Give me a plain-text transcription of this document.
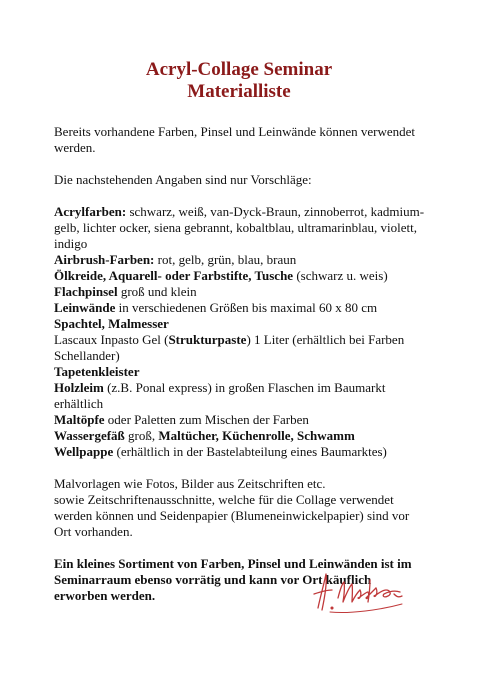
Acryl-Collage Seminar
Materialliste

Bereits vorhandene Farben, Pinsel und Leinwände können verwendet werden.

Die nachstehenden Angaben sind nur Vorschläge:

Acrylfarben: schwarz, weiß, van-Dyck-Braun, zinnoberrot, kadmium-gelb, lichter ocker, siena gebrannt, kobaltblau, ultramarinblau, violett, indigo

Airbrush-Farben: rot, gelb, grün, blau, braun

Ölkreide, Aquarell- oder Farbstifte, Tusche (schwarz u. weis)

Flachpinsel groß und klein

Leinwände in verschiedenen Größen bis maximal 60 x 80 cm

Spachtel, Malmesser

Lascaux Inpasto Gel (Strukturpaste) 1 Liter (erhältlich bei Farben Schellander)

Tapetenkleister

Holzleim (z.B. Ponal express) in großen Flaschen im Baumarkt erhältlich

Maltöpfe oder Paletten zum Mischen der Farben

Wassergefäß groß, Maltücher, Küchenrolle, Schwamm

Wellpappe (erhältlich in der Bastelabteilung eines Baumarktes)

Malvorlagen wie Fotos, Bilder aus Zeitschriften etc.

sowie Zeitschriftenausschnitte, welche für die Collage verwendet werden können und Seidenpapier (Blumeneinwickelpapier) sind vor Ort vorhanden.

Ein kleines Sortiment von Farben, Pinsel und Leinwänden ist im Seminarraum ebenso vorrätig und kann vor Ort käuflich erworben werden.
